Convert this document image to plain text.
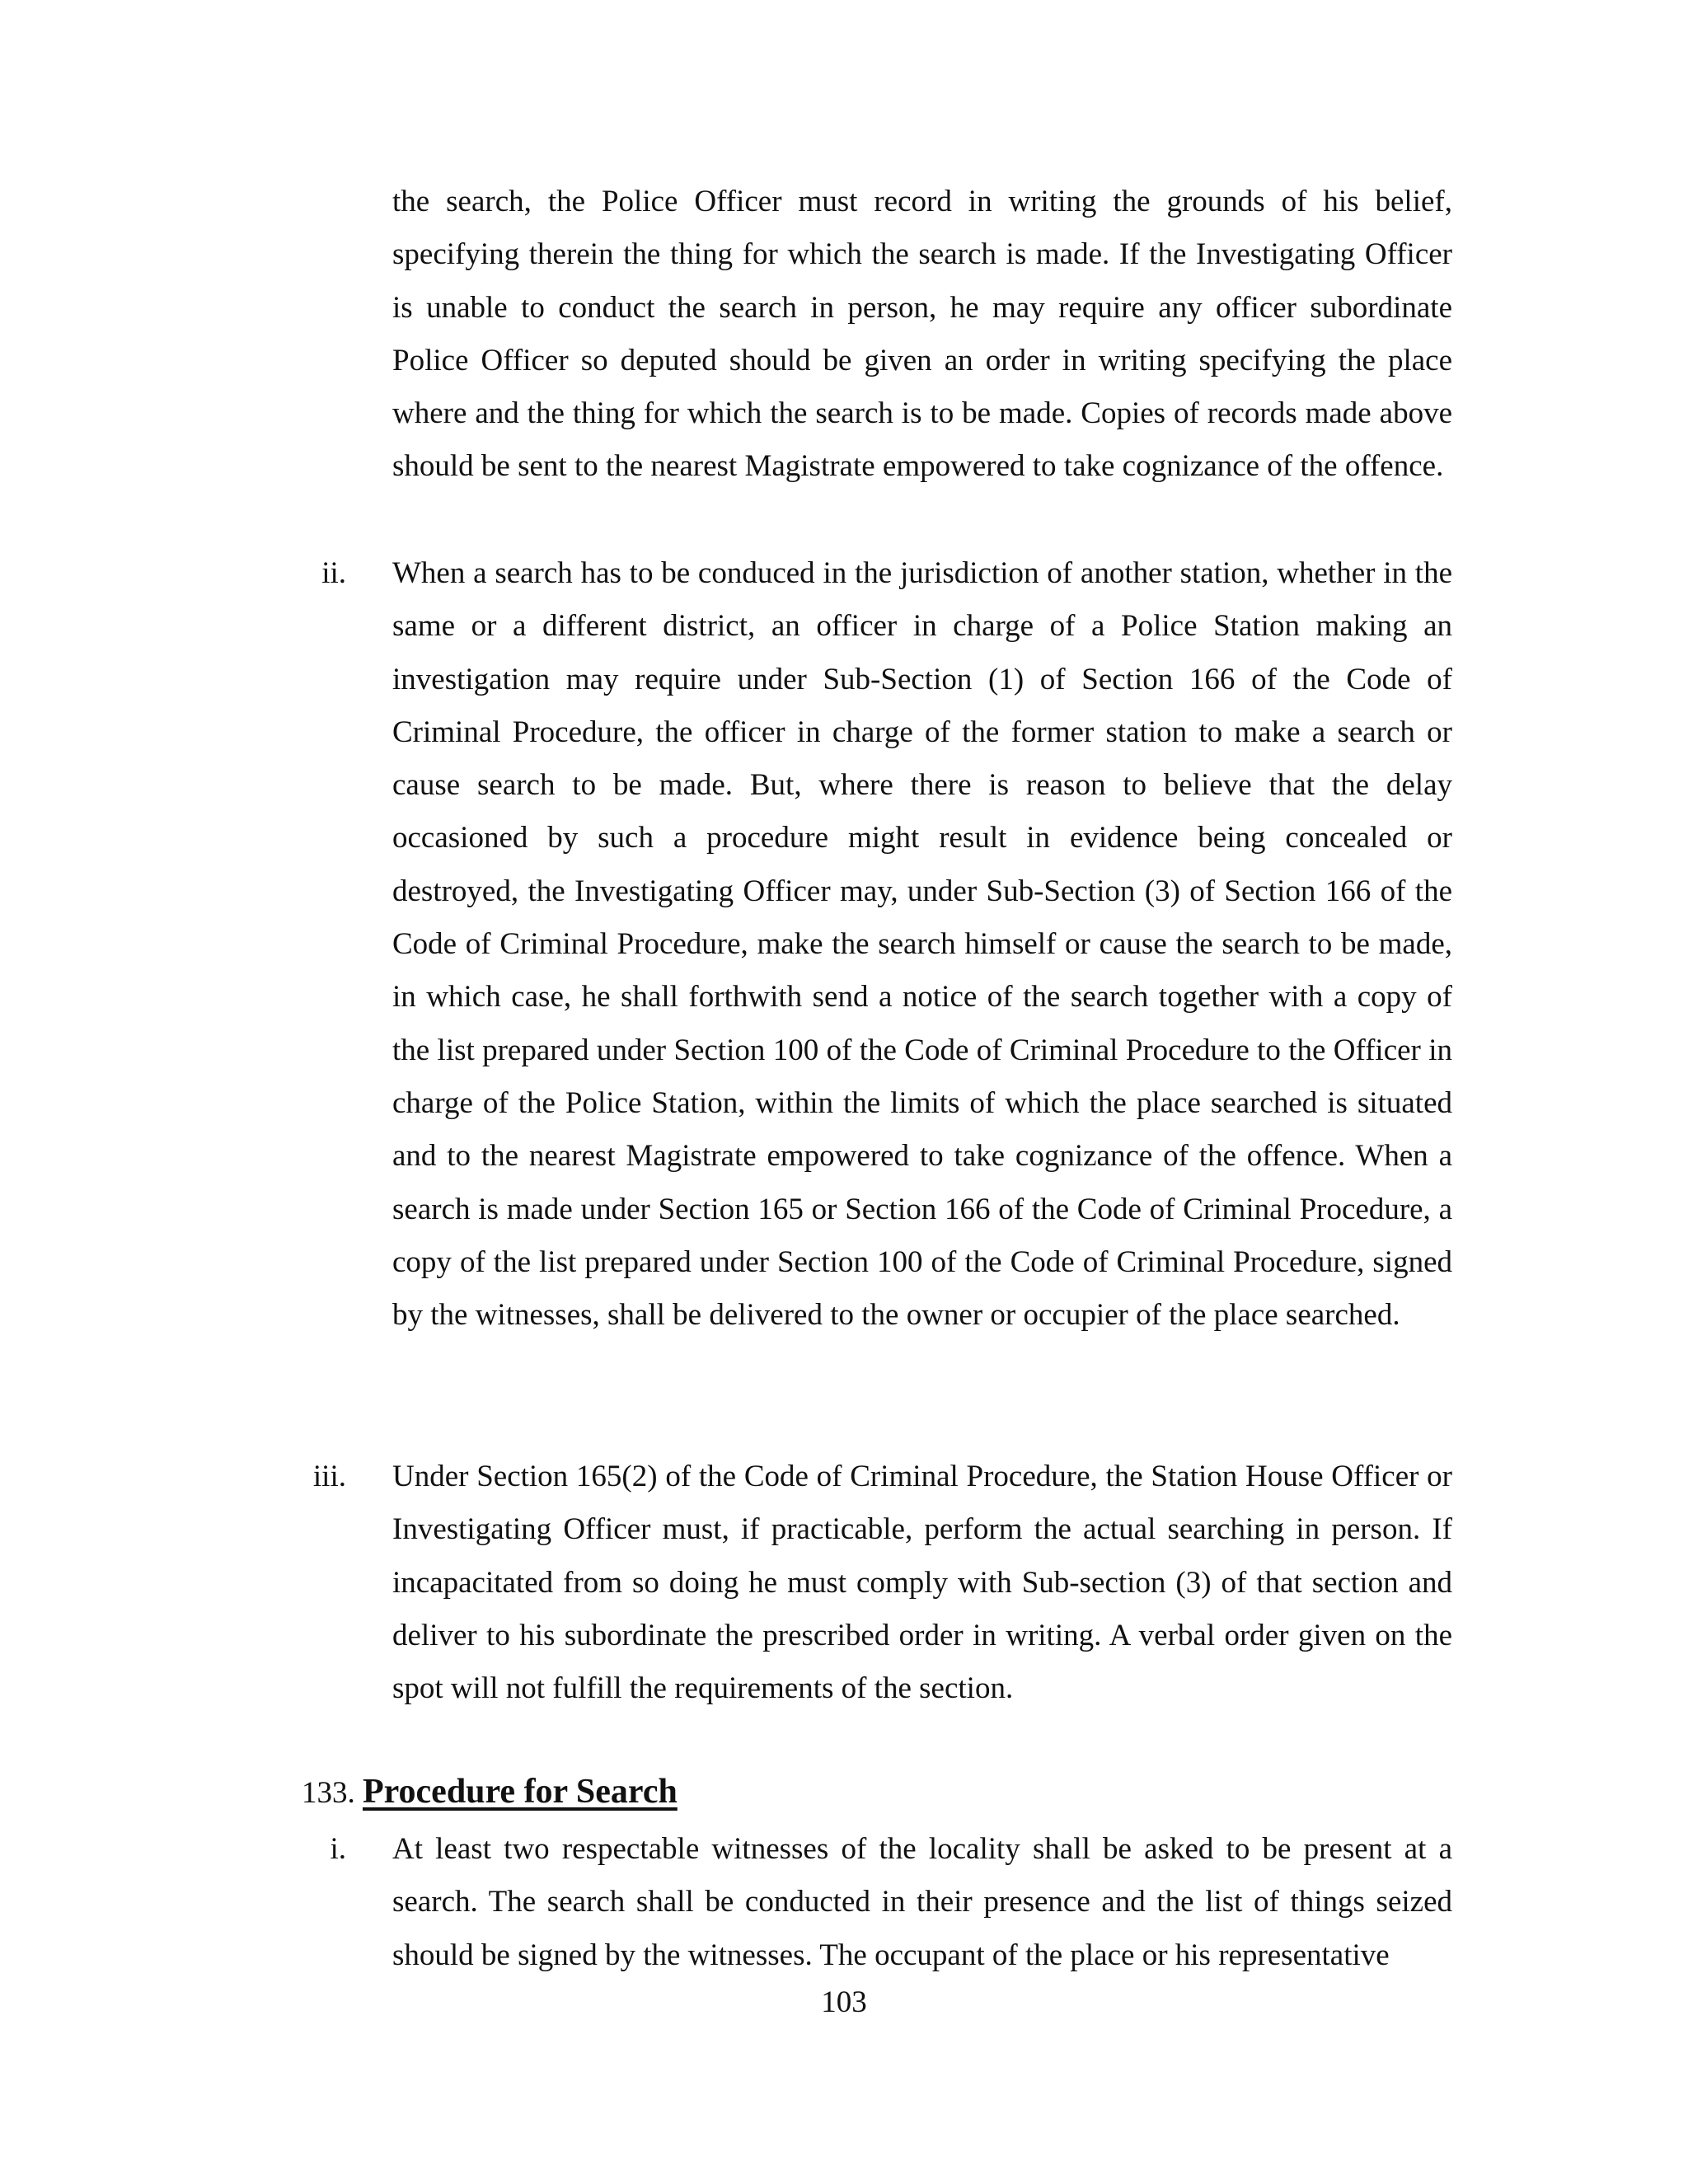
the search, the Police Officer must record in writing the grounds of his belief, specifying therein the thing for which the search is made. If the Investigating Officer is unable to conduct the search in person, he may require any officer subordinate Police Officer so deputed should be given an order in writing specifying the place where and the thing for which the search is to be made. Copies of records made above should be sent to the nearest Magistrate empowered to take cognizance of the offence.

ii. When a search has to be conduced in the jurisdiction of another station, whether in the same or a different district, an officer in charge of a Police Station making an investigation may require under Sub-Section (1) of Section 166 of the Code of Criminal Procedure, the officer in charge of the former station to make a search or cause search to be made. But, where there is reason to believe that the delay occasioned by such a procedure might result in evidence being concealed or destroyed, the Investigating Officer may, under Sub-Section (3) of Section 166 of the Code of Criminal Procedure, make the search himself or cause the search to be made, in which case, he shall forthwith send a notice of the search together with a copy of the list prepared under Section 100 of the Code of Criminal Procedure to the Officer in charge of the Police Station, within the limits of which the place searched is situated and to the nearest Magistrate empowered to take cognizance of the offence. When a search is made under Section 165 or Section 166 of the Code of Criminal Procedure, a copy of the list prepared under Section 100 of the Code of Criminal Procedure, signed by the witnesses, shall be delivered to the owner or occupier of the place searched.

iii. Under Section 165(2) of the Code of Criminal Procedure, the Station House Officer or Investigating Officer must, if practicable, perform the actual searching in person. If incapacitated from so doing he must comply with Sub-section (3) of that section and deliver to his subordinate the prescribed order in writing. A verbal order given on the spot will not fulfill the requirements of the section.

133. Procedure for Search
i. At least two respectable witnesses of the locality shall be asked to be present at a search. The search shall be conducted in their presence and the list of things seized should be signed by the witnesses. The occupant of the place or his representative

103
